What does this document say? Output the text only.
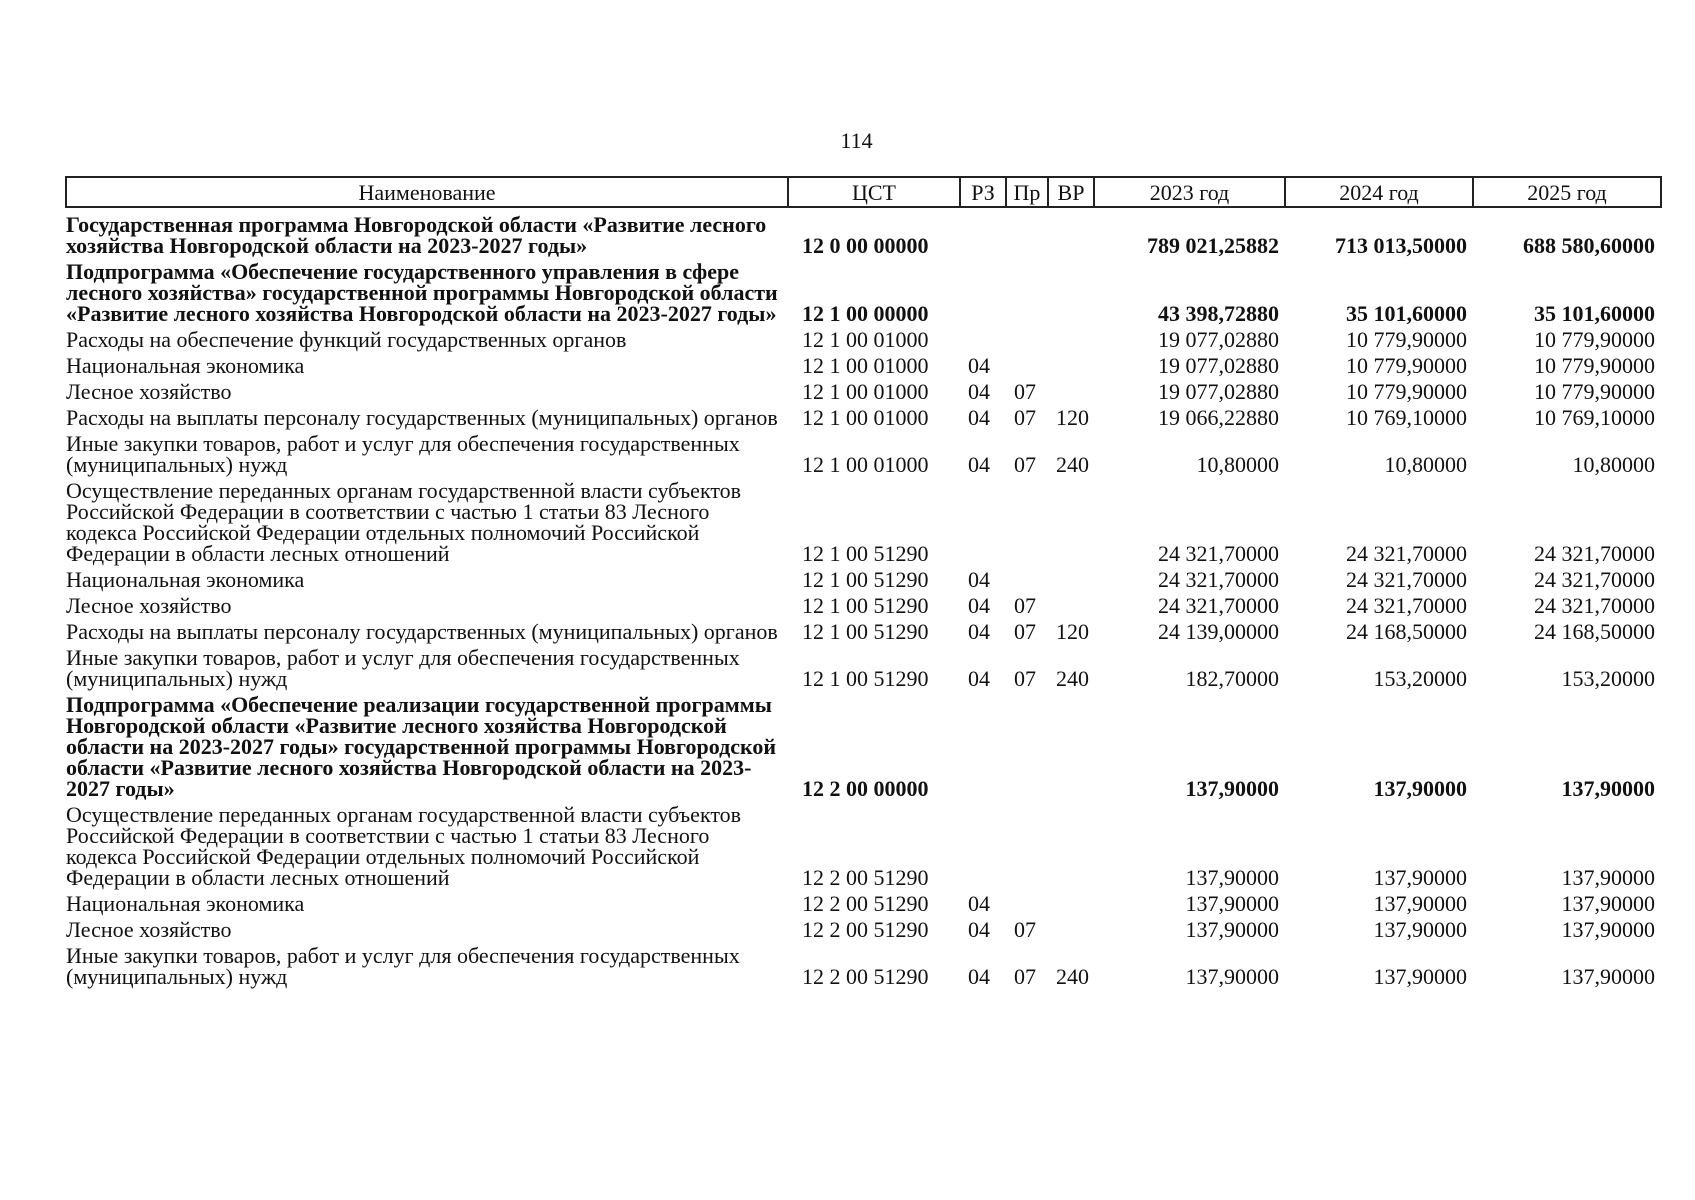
114
Наименование	ЦСТ	РЗ	Пр	ВР	2023 год	2024 год	2025 год
Государственная программа Новгородской области «Развитие лесного хозяйства Новгородской области на 2023-2027 годы»	12 0 00 00000				789 021,25882	713 013,50000	688 580,60000
Подпрограмма «Обеспечение государственного управления в сфере лесного хозяйства» государственной программы Новгородской области «Развитие лесного хозяйства Новгородской области на 2023-2027 годы»	12 1 00 00000				43 398,72880	35 101,60000	35 101,60000
Расходы на обеспечение функций государственных органов	12 1 00 01000				19 077,02880	10 779,90000	10 779,90000
Национальная экономика	12 1 00 01000	04			19 077,02880	10 779,90000	10 779,90000
Лесное хозяйство	12 1 00 01000	04	07		19 077,02880	10 779,90000	10 779,90000
Расходы на выплаты персоналу государственных (муниципальных) органов	12 1 00 01000	04	07	120	19 066,22880	10 769,10000	10 769,10000
Иные закупки товаров, работ и услуг для обеспечения государственных (муниципальных) нужд	12 1 00 01000	04	07	240	10,80000	10,80000	10,80000
Осуществление переданных органам государственной власти субъектов Российской Федерации в соответствии с частью 1 статьи 83 Лесного кодекса Российской Федерации отдельных полномочий Российской Федерации в области лесных отношений	12 1 00 51290				24 321,70000	24 321,70000	24 321,70000
Национальная экономика	12 1 00 51290	04			24 321,70000	24 321,70000	24 321,70000
Лесное хозяйство	12 1 00 51290	04	07		24 321,70000	24 321,70000	24 321,70000
Расходы на выплаты персоналу государственных (муниципальных) органов	12 1 00 51290	04	07	120	24 139,00000	24 168,50000	24 168,50000
Иные закупки товаров, работ и услуг для обеспечения государственных (муниципальных) нужд	12 1 00 51290	04	07	240	182,70000	153,20000	153,20000
Подпрограмма «Обеспечение реализации государственной программы Новгородской области «Развитие лесного хозяйства Новгородской области на 2023-2027 годы» государственной программы Новгородской области «Развитие лесного хозяйства Новгородской области на 2023-2027 годы»	12 2 00 00000				137,90000	137,90000	137,90000
Осуществление переданных органам государственной власти субъектов Российской Федерации в соответствии с частью 1 статьи 83 Лесного кодекса Российской Федерации отдельных полномочий Российской Федерации в области лесных отношений	12 2 00 51290				137,90000	137,90000	137,90000
Национальная экономика	12 2 00 51290	04			137,90000	137,90000	137,90000
Лесное хозяйство	12 2 00 51290	04	07		137,90000	137,90000	137,90000
Иные закупки товаров, работ и услуг для обеспечения государственных (муниципальных) нужд	12 2 00 51290	04	07	240	137,90000	137,90000	137,90000
